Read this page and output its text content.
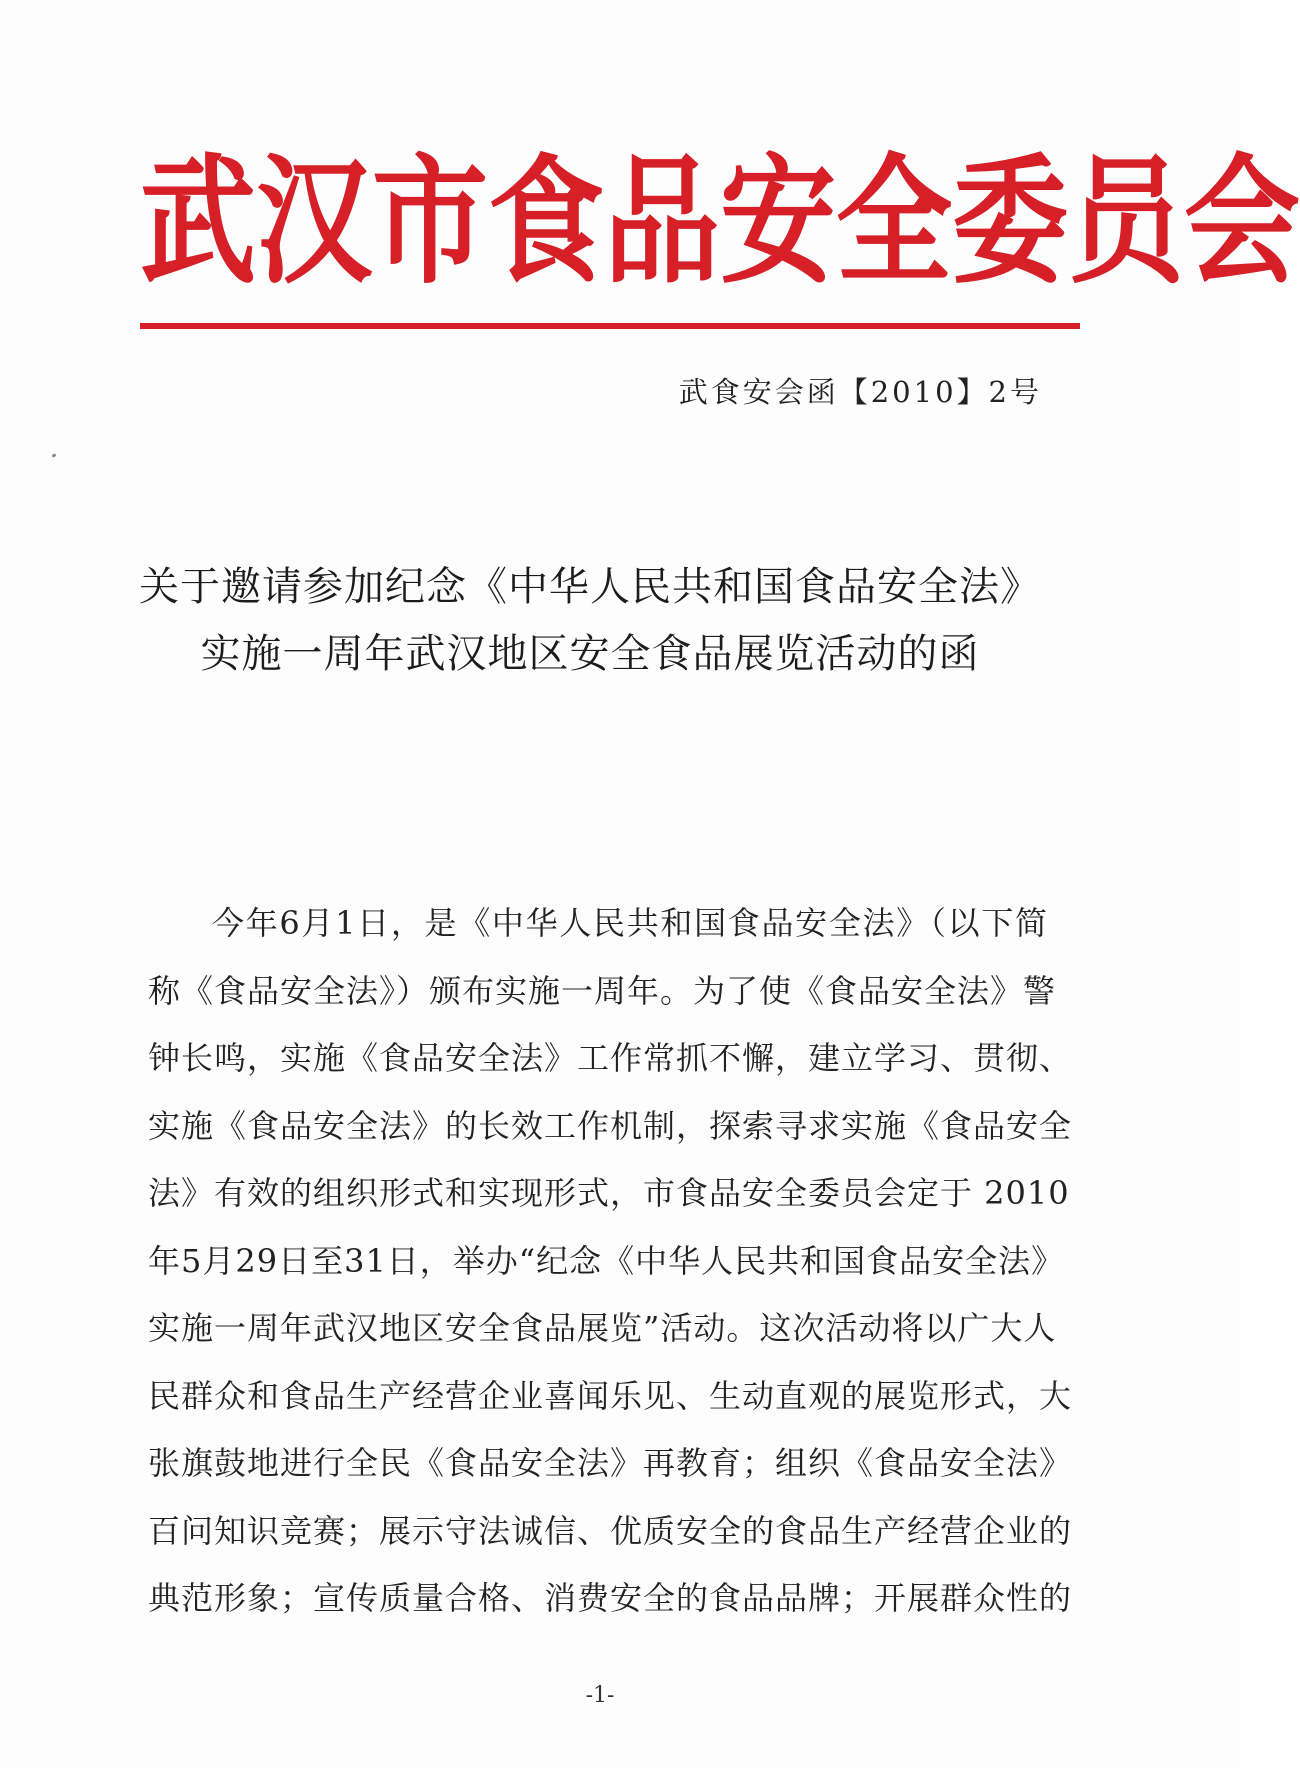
武 汉 市 食 品 安 全 委 员 会
武食安会函【2010】2号
关于邀请参加纪念《中华人民共和国食品安全法》
实施一周年武汉地区安全食品展览活动的函
今年6月1日，是《中华人民共和国食品安全法》（以下简
称《食品安全法》）颁布实施一周年。为了使《食品安全法》警
钟长鸣，实施《食品安全法》工作常抓不懈，建立学习、贯彻、
实施《食品安全法》的长效工作机制，探索寻求实施《食品安全
法》有效的组织形式和实现形式，市食品安全委员会定于 2010
年5月29日至31日，举办“纪念《中华人民共和国食品安全法》
实施一周年武汉地区安全食品展览”活动。这次活动将以广大人
民群众和食品生产经营企业喜闻乐见、生动直观的展览形式，大
张旗鼓地进行全民《食品安全法》再教育；组织《食品安全法》
百问知识竞赛；展示守法诚信、优质安全的食品生产经营企业的
典范形象；宣传质量合格、消费安全的食品品牌；开展群众性的
-1-
